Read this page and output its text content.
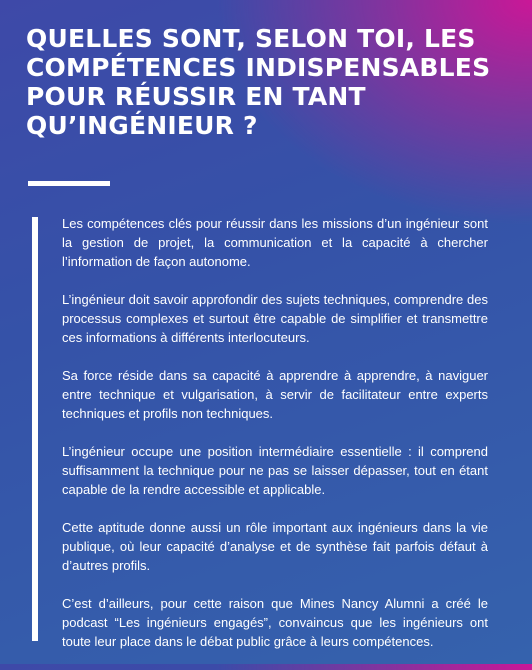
QUELLES SONT, SELON TOI, LES
COMPÉTENCES INDISPENSABLES
POUR RÉUSSIR EN TANT
QU’INGÉNIEUR ?

Les compétences clés pour réussir dans les missions d’un ingénieur sont la gestion de projet, la communication et la capacité à chercher l’information de façon autonome.

L’ingénieur doit savoir approfondir des sujets techniques, comprendre des processus complexes et surtout être capable de simplifier et transmettre ces informations à différents interlocuteurs.

Sa force réside dans sa capacité à apprendre à apprendre, à naviguer entre technique et vulgarisation, à servir de facilitateur entre experts techniques et profils non techniques.

L’ingénieur occupe une position intermédiaire essentielle : il comprend suffisamment la technique pour ne pas se laisser dépasser, tout en étant capable de la rendre accessible et applicable.

Cette aptitude donne aussi un rôle important aux ingénieurs dans la vie publique, où leur capacité d’analyse et de synthèse fait parfois défaut à d’autres profils.

C’est d’ailleurs, pour cette raison que Mines Nancy Alumni a créé le podcast “Les ingénieurs engagés”, convaincus que les ingénieurs ont toute leur place dans le débat public grâce à leurs compétences.
